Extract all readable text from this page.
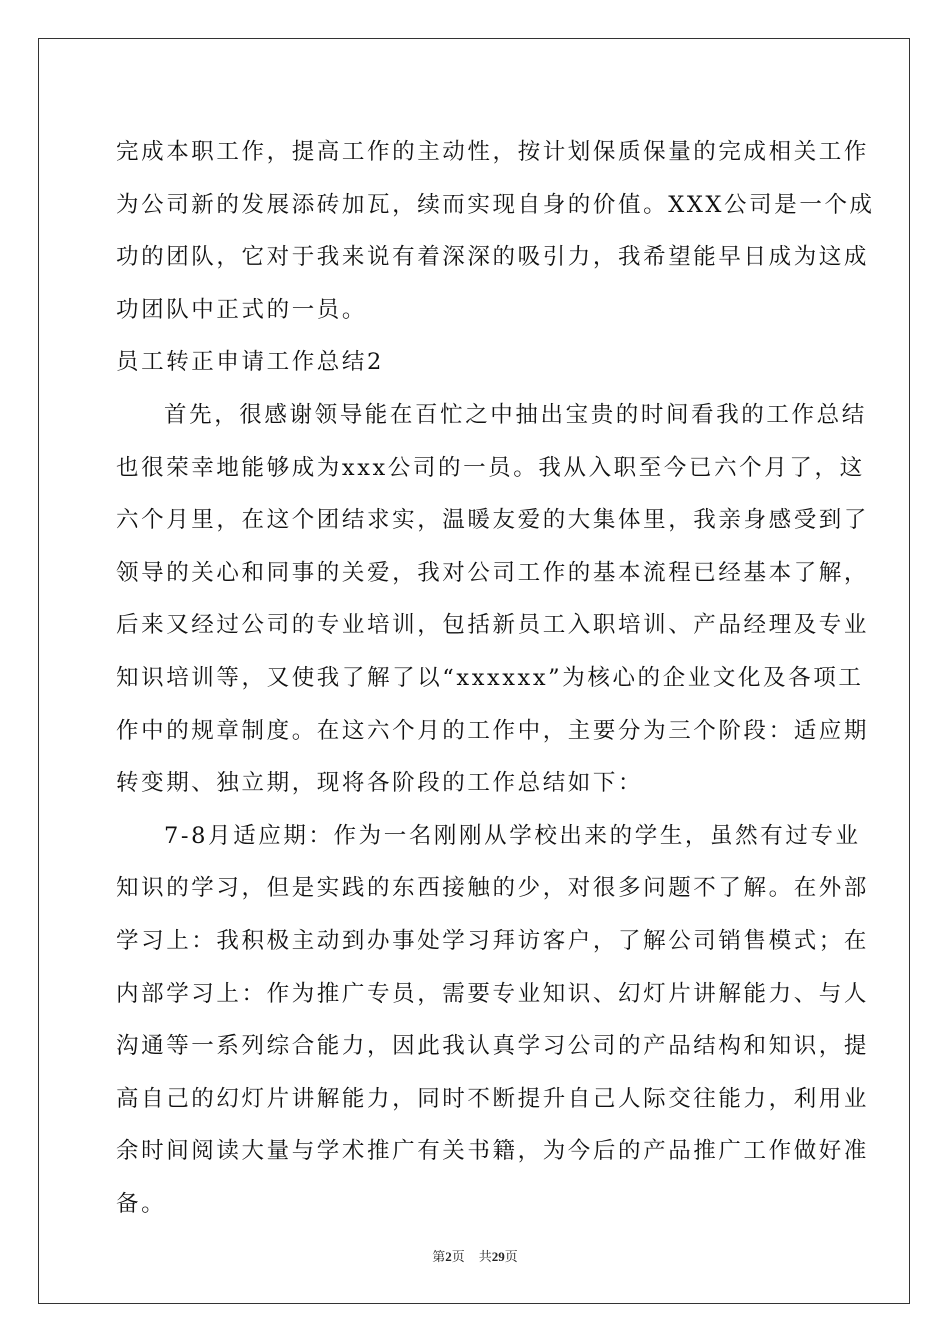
完成本职工作，提高工作的主动性，按计划保质保量的完成相关工作
为公司新的发展添砖加瓦，续而实现自身的价值。XXX公司是一个成
功的团队，它对于我来说有着深深的吸引力，我希望能早日成为这成
功团队中正式的一员。
员工转正申请工作总结2
首先，很感谢领导能在百忙之中抽出宝贵的时间看我的工作总结
也很荣幸地能够成为xxx公司的一员。我从入职至今已六个月了，这
六个月里，在这个团结求实，温暖友爱的大集体里，我亲身感受到了
领导的关心和同事的关爱，我对公司工作的基本流程已经基本了解，
后来又经过公司的专业培训，包括新员工入职培训、产品经理及专业
知识培训等，又使我了解了以“xxxxxx”为核心的企业文化及各项工
作中的规章制度。在这六个月的工作中，主要分为三个阶段：适应期
转变期、独立期，现将各阶段的工作总结如下：
7-8月适应期：作为一名刚刚从学校出来的学生，虽然有过专业
知识的学习，但是实践的东西接触的少，对很多问题不了解。在外部
学习上：我积极主动到办事处学习拜访客户，了解公司销售模式；在
内部学习上：作为推广专员，需要专业知识、幻灯片讲解能力、与人
沟通等一系列综合能力，因此我认真学习公司的产品结构和知识，提
高自己的幻灯片讲解能力，同时不断提升自己人际交往能力，利用业
余时间阅读大量与学术推广有关书籍，为今后的产品推广工作做好准
备。
第2页 共29页
